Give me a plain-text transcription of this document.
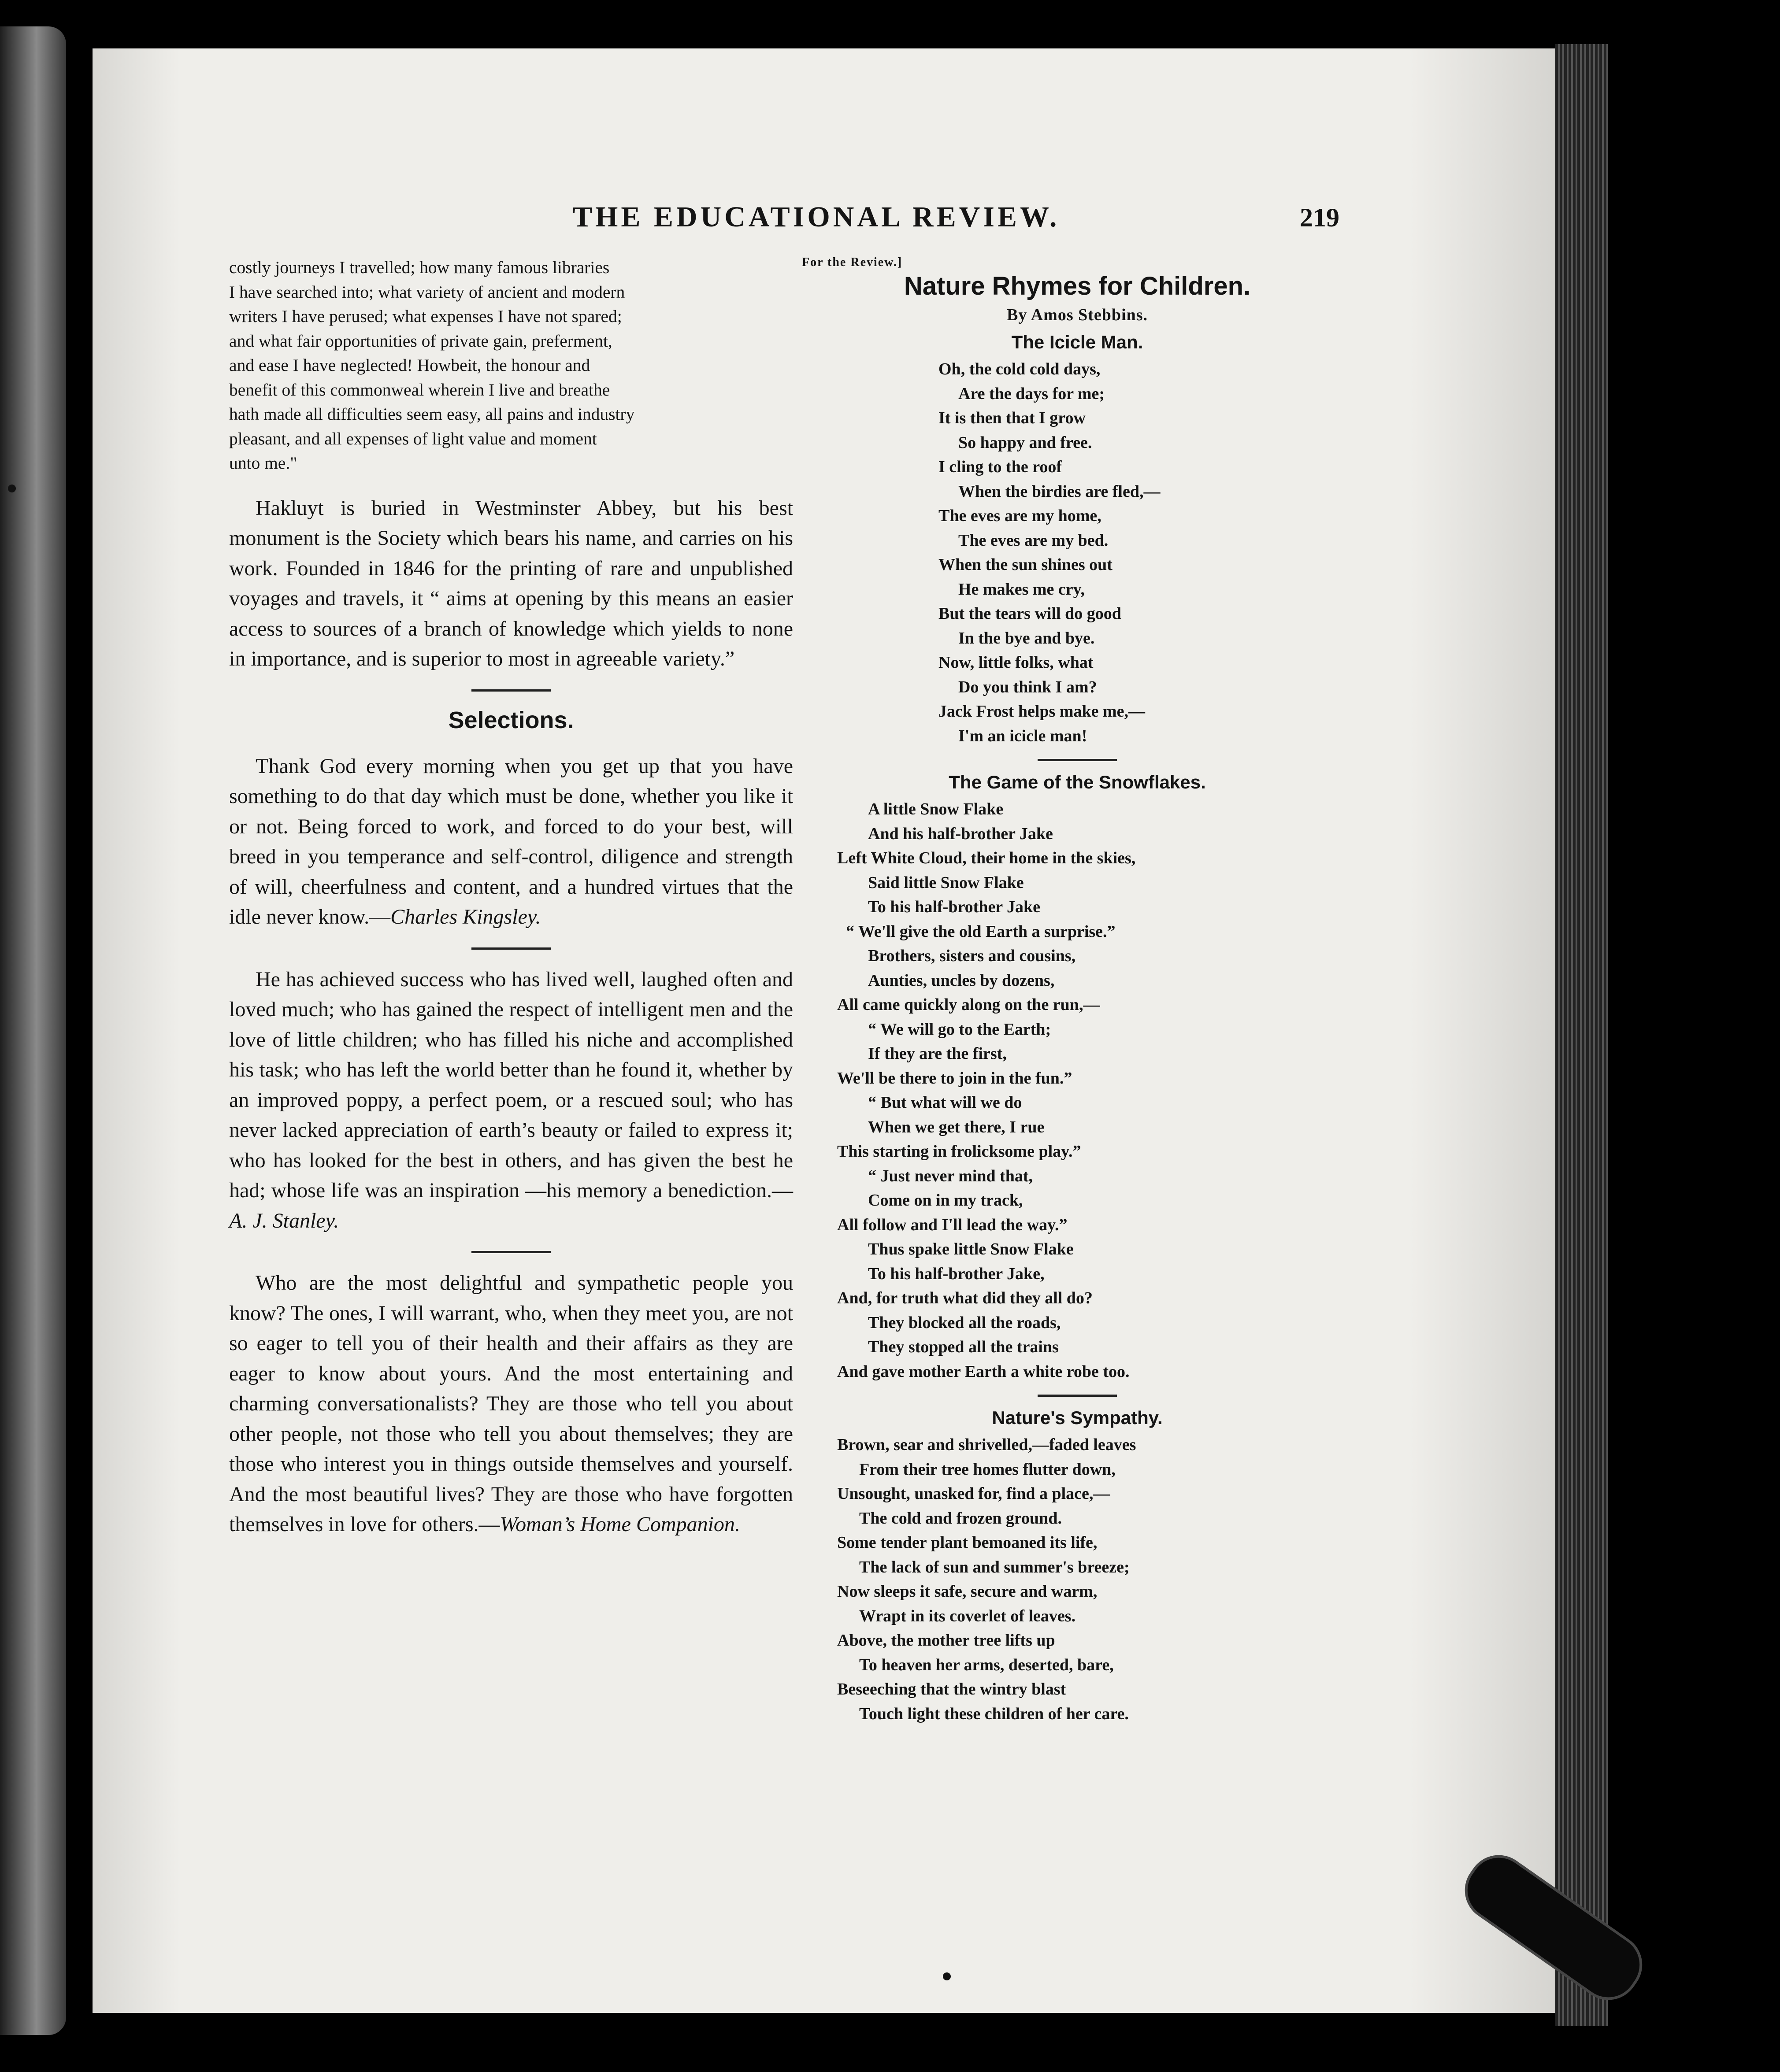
THE EDUCATIONAL REVIEW.	219
costly journeys I travelled; how many famous libraries
I have searched into; what variety of ancient and modern
writers I have perused; what expenses I have not spared;
and what fair opportunities of private gain, preferment,
and ease I have neglected! Howbeit, the honour and
benefit of this commonweal wherein I live and breathe
hath made all difficulties seem easy, all pains and industry
pleasant, and all expenses of light value and moment
unto me."

Hakluyt is buried in Westminster Abbey, but his best monument is the Society which bears his name, and carries on his work. Founded in 1846 for the printing of rare and unpublished voyages and travels, it “ aims at opening by this means an easier access to sources of a branch of knowledge which yields to none in importance, and is superior to most in agreeable variety.”

Selections.

Thank God every morning when you get up that you have something to do that day which must be done, whether you like it or not. Being forced to work, and forced to do your best, will breed in you temperance and self-control, diligence and strength of will, cheerfulness and content, and a hundred virtues that the idle never know.—Charles Kingsley.

He has achieved success who has lived well, laughed often and loved much; who has gained the respect of intelligent men and the love of little children; who has filled his niche and accomplished his task; who has left the world better than he found it, whether by an improved poppy, a perfect poem, or a rescued soul; who has never lacked appreciation of earth’s beauty or failed to express it; who has looked for the best in others, and has given the best he had; whose life was an inspiration —his memory a benediction.—A. J. Stanley.

Who are the most delightful and sympathetic people you know? The ones, I will warrant, who, when they meet you, are not so eager to tell you of their health and their affairs as they are eager to know about yours. And the most entertaining and charming conversationalists? They are those who tell you about other people, not those who tell you about themselves; they are those who interest you in things outside themselves and yourself. And the most beautiful lives? They are those who have forgotten themselves in love for others.—Woman’s Home Companion.

For the Review.]
Nature Rhymes for Children.
By Amos Stebbins.
The Icicle Man.
Oh, the cold cold days,
Are the days for me;
It is then that I grow
So happy and free.
I cling to the roof
When the birdies are fled,—
The eves are my home,
The eves are my bed.
When the sun shines out
He makes me cry,
But the tears will do good
In the bye and bye.
Now, little folks, what
Do you think I am?
Jack Frost helps make me,—
I'm an icicle man!
The Game of the Snowflakes.
A little Snow Flake
And his half-brother Jake
Left White Cloud, their home in the skies,
Said little Snow Flake
To his half-brother Jake
“ We'll give the old Earth a surprise.”
Brothers, sisters and cousins,
Aunties, uncles by dozens,
All came quickly along on the run,—
“ We will go to the Earth;
If they are the first,
We'll be there to join in the fun.”
“ But what will we do
When we get there, I rue
This starting in frolicksome play.”
“ Just never mind that,
Come on in my track,
All follow and I'll lead the way.”
Thus spake little Snow Flake
To his half-brother Jake,
And, for truth what did they all do?
They blocked all the roads,
They stopped all the trains
And gave mother Earth a white robe too.
Nature's Sympathy.
Brown, sear and shrivelled,—faded leaves
From their tree homes flutter down,
Unsought, unasked for, find a place,—
The cold and frozen ground.
Some tender plant bemoaned its life,
The lack of sun and summer's breeze;
Now sleeps it safe, secure and warm,
Wrapt in its coverlet of leaves.
Above, the mother tree lifts up
To heaven her arms, deserted, bare,
Beseeching that the wintry blast
Touch light these children of her care.
